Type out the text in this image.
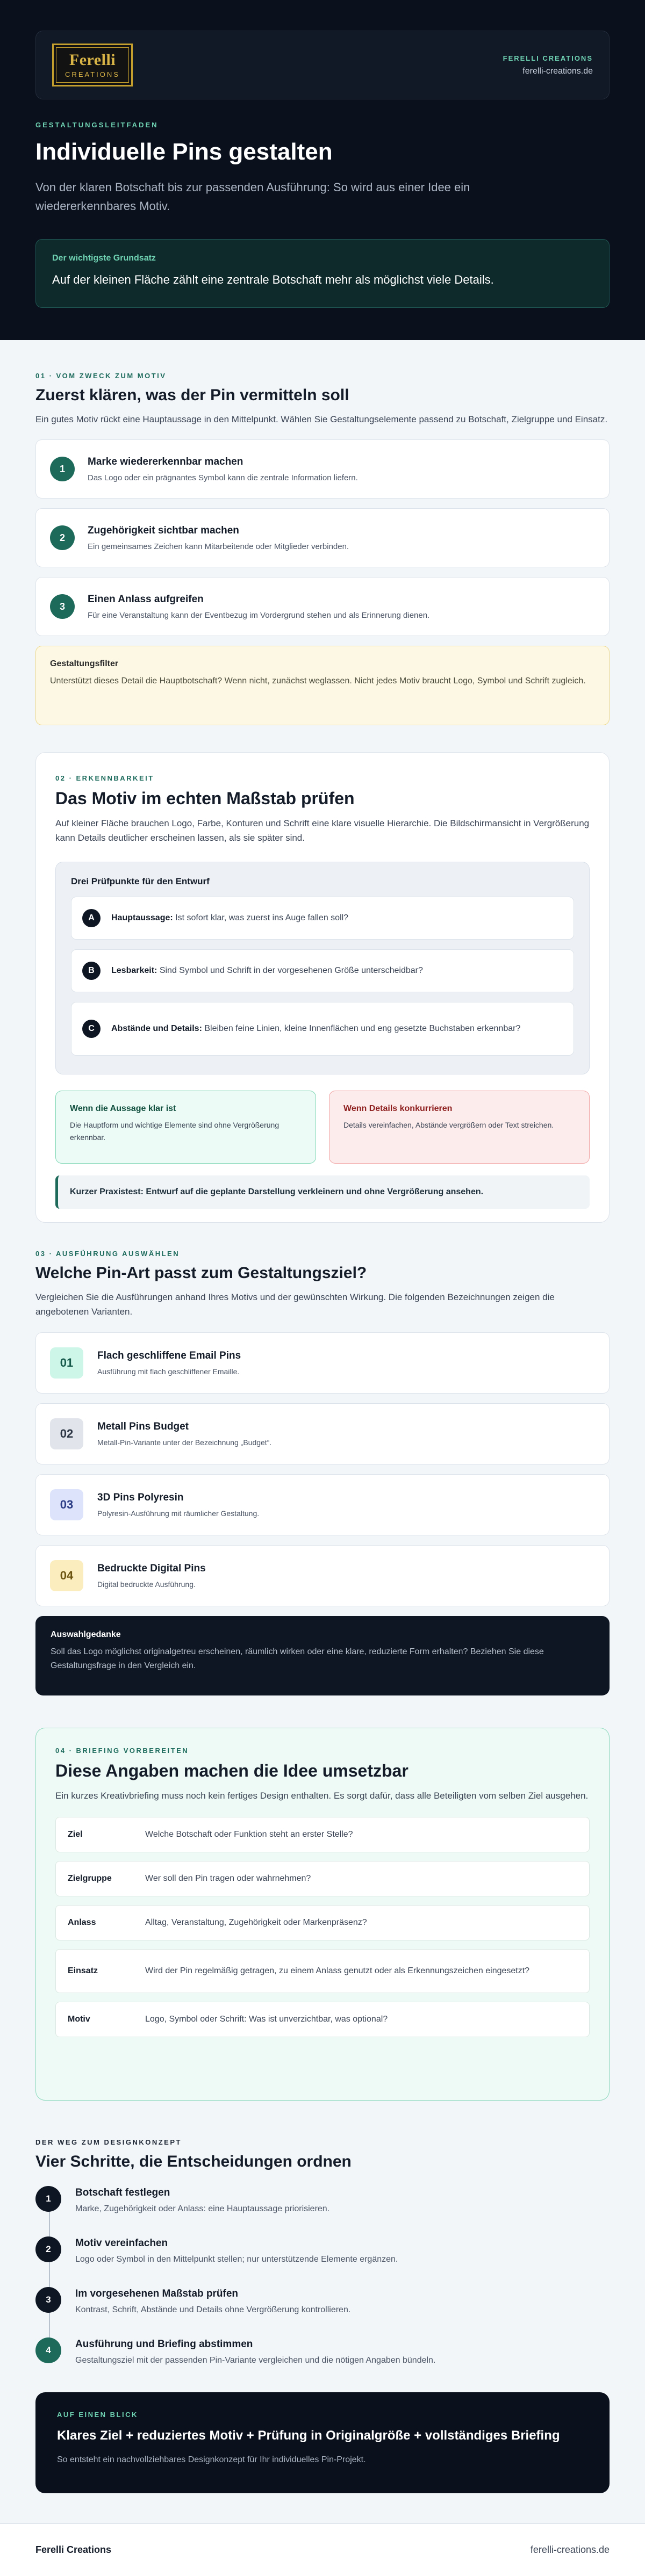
Ferelli
CREATIONS
FERELLI CREATIONS
ferelli-creations.de
GESTALTUNGSLEITFADEN
Individuelle Pins gestalten

Von der klaren Botschaft bis zur passenden Ausführung: So wird aus einer Idee ein wiedererkennbares Motiv.

Der wichtigste Grundsatz
Auf der kleinen Fläche zählt eine zentrale Botschaft mehr als möglichst viele Details.
01 · VOM ZWECK ZUM MOTIV
Zuerst klären, was der Pin vermitteln soll

Ein gutes Motiv rückt eine Hauptaussage in den Mittelpunkt. Wählen Sie Gestaltungselemente passend zu Botschaft, Zielgruppe und Einsatz.

1
Marke wiedererkennbar machen
Das Logo oder ein prägnantes Symbol kann die zentrale Information liefern.
2
Zugehörigkeit sichtbar machen
Ein gemeinsames Zeichen kann Mitarbeitende oder Mitglieder verbinden.
3
Einen Anlass aufgreifen
Für eine Veranstaltung kann der Eventbezug im Vordergrund stehen und als Erinnerung dienen.
Gestaltungsfilter
Unterstützt dieses Detail die Hauptbotschaft? Wenn nicht, zunächst weglassen. Nicht jedes Motiv braucht Logo, Symbol und Schrift zugleich.
02 · ERKENNBARKEIT
Das Motiv im echten Maßstab prüfen

Auf kleiner Fläche brauchen Logo, Farbe, Konturen und Schrift eine klare visuelle Hierarchie. Die Bildschirmansicht in Vergrößerung kann Details deutlicher erscheinen lassen, als sie später sind.

Drei Prüfpunkte für den Entwurf
A	Hauptaussage: Ist sofort klar, was zuerst ins Auge fallen soll?
B	Lesbarkeit: Sind Symbol und Schrift in der vorgesehenen Größe unterscheidbar?
C	Abstände und Details: Bleiben feine Linien, kleine Innenflächen und eng gesetzte Buchstaben erkennbar?
Wenn die Aussage klar ist
Die Hauptform und wichtige Elemente sind ohne Vergrößerung erkennbar.
Wenn Details konkurrieren
Details vereinfachen, Abstände vergrößern oder Text streichen.
Kurzer Praxistest: Entwurf auf die geplante Darstellung verkleinern und ohne Vergrößerung ansehen.
03 · AUSFÜHRUNG AUSWÄHLEN
Welche Pin-Art passt zum Gestaltungsziel?

Vergleichen Sie die Ausführungen anhand Ihres Motivs und der gewünschten Wirkung. Die folgenden Bezeichnungen zeigen die angebotenen Varianten.

01
Flach geschliffene Email Pins
Ausführung mit flach geschliffener Emaille.
02
Metall Pins Budget
Metall-Pin-Variante unter der Bezeichnung „Budget“.
03
3D Pins Polyresin
Polyresin-Ausführung mit räumlicher Gestaltung.
04
Bedruckte Digital Pins
Digital bedruckte Ausführung.
Auswahlgedanke
Soll das Logo möglichst originalgetreu erscheinen, räumlich wirken oder eine klare, reduzierte Form erhalten? Beziehen Sie diese Gestaltungsfrage in den Vergleich ein.
04 · BRIEFING VORBEREITEN
Diese Angaben machen die Idee umsetzbar

Ein kurzes Kreativbriefing muss noch kein fertiges Design enthalten. Es sorgt dafür, dass alle Beteiligten vom selben Ziel ausgehen.

Ziel	Welche Botschaft oder Funktion steht an erster Stelle?
Zielgruppe	Wer soll den Pin tragen oder wahrnehmen?
Anlass	Alltag, Veranstaltung, Zugehörigkeit oder Markenpräsenz?
Einsatz	Wird der Pin regelmäßig getragen, zu einem Anlass genutzt oder als Erkennungszeichen eingesetzt?
Motiv	Logo, Symbol oder Schrift: Was ist unverzichtbar, was optional?
DER WEG ZUM DESIGNKONZEPT
Vier Schritte, die Entscheidungen ordnen
1
Botschaft festlegen
Marke, Zugehörigkeit oder Anlass: eine Hauptaussage priorisieren.
2
Motiv vereinfachen
Logo oder Symbol in den Mittelpunkt stellen; nur unterstützende Elemente ergänzen.
3
Im vorgesehenen Maßstab prüfen
Kontrast, Schrift, Abstände und Details ohne Vergrößerung kontrollieren.
4
Ausführung und Briefing abstimmen
Gestaltungsziel mit der passenden Pin-Variante vergleichen und die nötigen Angaben bündeln.
AUF EINEN BLICK
Klares Ziel + reduziertes Motiv + Prüfung in Originalgröße + vollständiges Briefing
So entsteht ein nachvollziehbares Designkonzept für Ihr individuelles Pin-Projekt.
Ferelli Creations	ferelli-creations.de
